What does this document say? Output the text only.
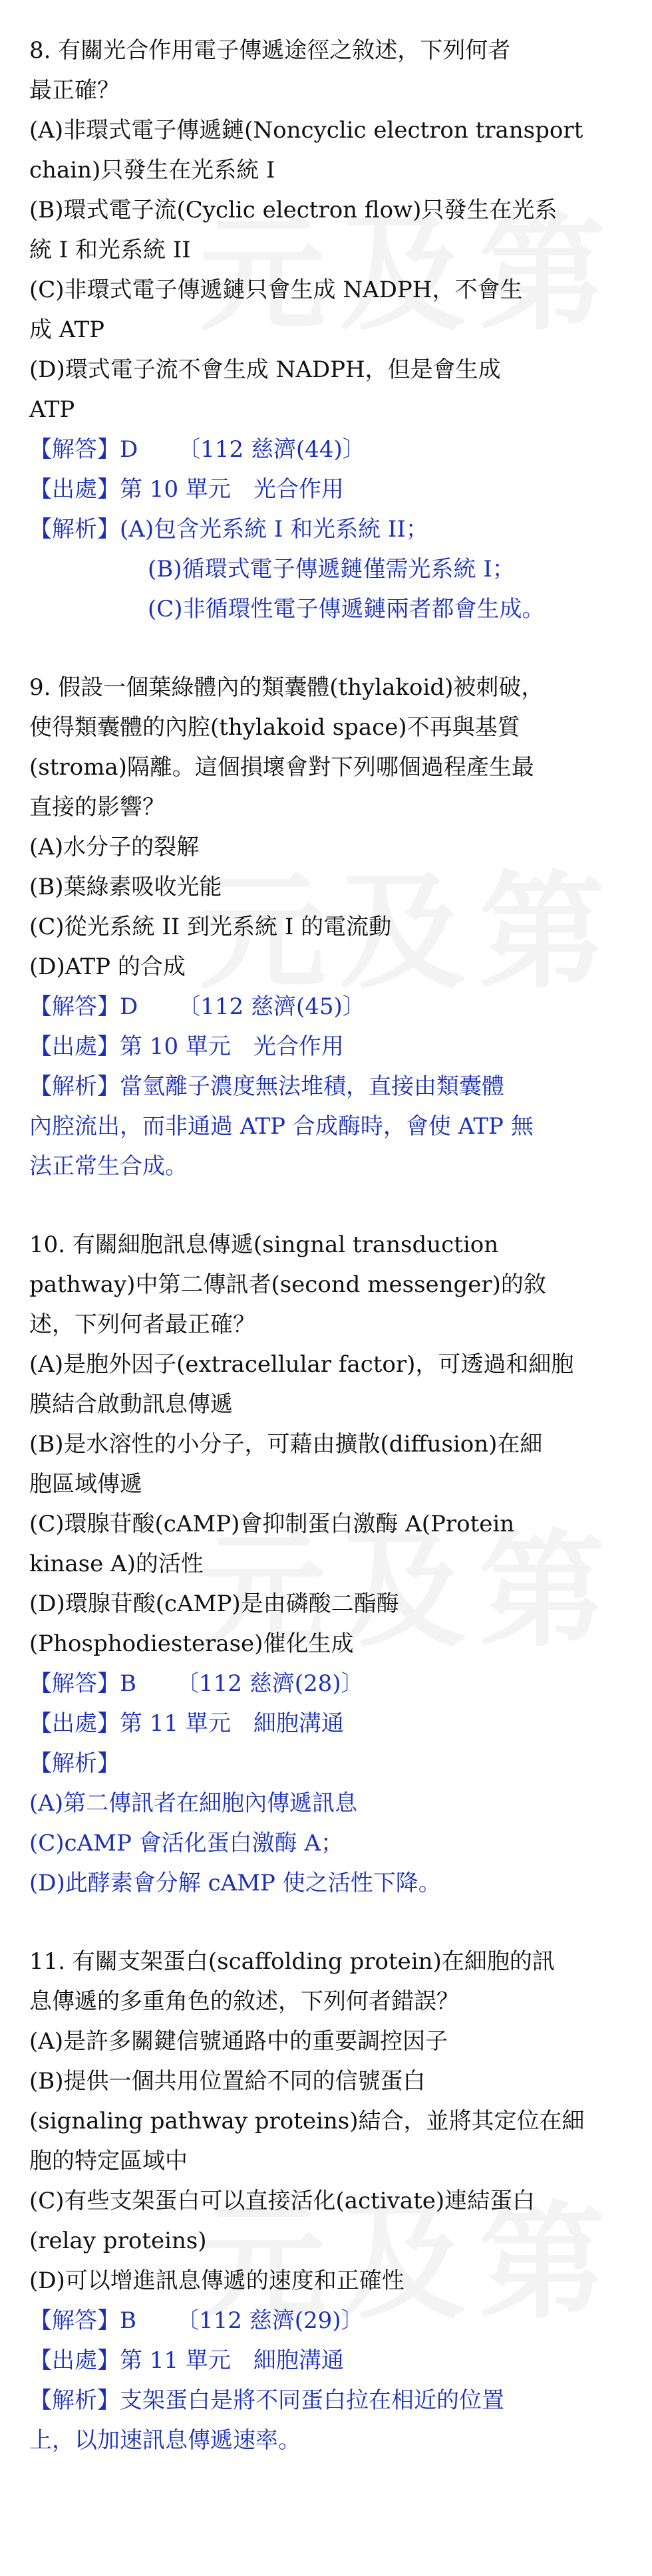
8. 有關光合作用電子傳遞途徑之敘述，下列何者

最正確？

(A)非環式電子傳遞鏈(Noncyclic electron transport

chain)只發生在光系統 I

(B)環式電子流(Cyclic electron flow)只發生在光系

統 I 和光系統 II

(C)非環式電子傳遞鏈只會生成 NADPH，不會生

成 ATP

(D)環式電子流不會生成 NADPH，但是會生成

ATP

【解答】D 〔112 慈濟(44)〕

【出處】第 10 單元　光合作用

【解析】(A)包含光系統 I 和光系統 II；

(B)循環式電子傳遞鏈僅需光系統 I；

(C)非循環性電子傳遞鏈兩者都會生成。

9. 假設一個葉綠體內的類囊體(thylakoid)被刺破，

使得類囊體的內腔(thylakoid space)不再與基質

(stroma)隔離。這個損壞會對下列哪個過程產生最

直接的影響？

(A)水分子的裂解

(B)葉綠素吸收光能

(C)從光系統 II 到光系統 I 的電流動

(D)ATP 的合成

【解答】D 〔112 慈濟(45)〕

【出處】第 10 單元　光合作用

【解析】當氫離子濃度無法堆積，直接由類囊體

內腔流出，而非通過 ATP 合成酶時，會使 ATP 無

法正常生合成。

10. 有關細胞訊息傳遞(singnal transduction

pathway)中第二傳訊者(second messenger)的敘

述，下列何者最正確？

(A)是胞外因子(extracellular factor)，可透過和細胞

膜結合啟動訊息傳遞

(B)是水溶性的小分子，可藉由擴散(diffusion)在細

胞區域傳遞

(C)環腺苷酸(cAMP)會抑制蛋白激酶 A(Protein

kinase A)的活性

(D)環腺苷酸(cAMP)是由磷酸二酯酶

(Phosphodiesterase)催化生成

【解答】B 〔112 慈濟(28)〕

【出處】第 11 單元　細胞溝通

【解析】

(A)第二傳訊者在細胞內傳遞訊息

(C)cAMP 會活化蛋白激酶 A；

(D)此酵素會分解 cAMP 使之活性下降。

11. 有關支架蛋白(scaffolding protein)在細胞的訊

息傳遞的多重角色的敘述，下列何者錯誤？

(A)是許多關鍵信號通路中的重要調控因子

(B)提供一個共用位置給不同的信號蛋白

(signaling pathway proteins)結合，並將其定位在細

胞的特定區域中

(C)有些支架蛋白可以直接活化(activate)連結蛋白

(relay proteins)

(D)可以增進訊息傳遞的速度和正確性

【解答】B 〔112 慈濟(29)〕

【出處】第 11 單元　細胞溝通

【解析】支架蛋白是將不同蛋白拉在相近的位置

上，以加速訊息傳遞速率。
